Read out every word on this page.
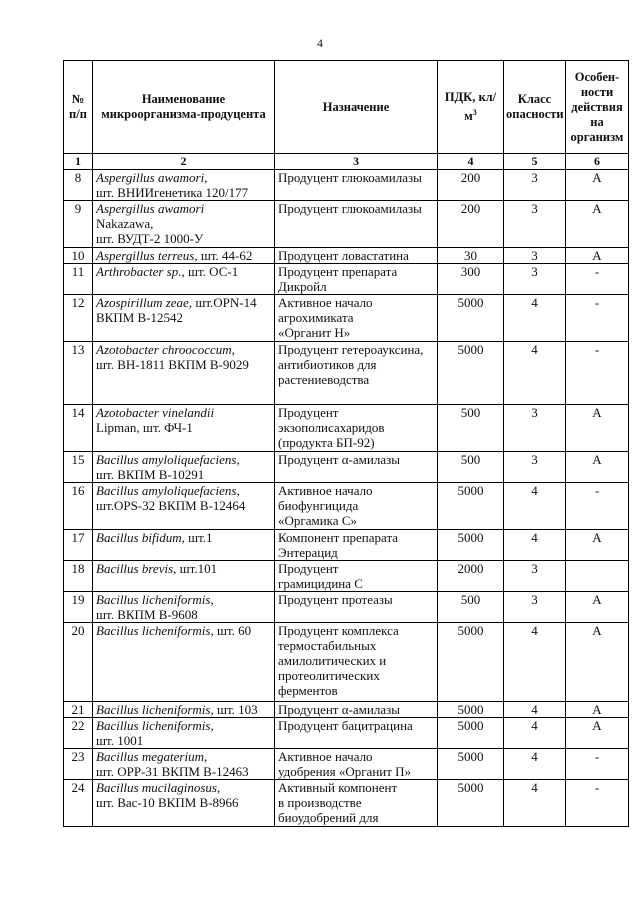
4
№ п/п	Наименование микроорганизма-продуцента	Назначение	ПДК, $кл/м^3$	Класс опасности	Особен-ности действия на организм
1	2	3	4	5	6
8	Aspergillus awamori,
шт. ВНИИгенетика 120/177	Продуцент глюкоамилазы	200	3	А
9	Aspergillus awamori
Nakazawa,
шт. ВУДТ-2 1000-У	Продуцент глюкоамилазы	200	3	А
10	Aspergillus terreus, шт. 44-62	Продуцент ловастатина	30	3	А
11	Arthrobacter sp., шт. ОС-1	Продуцент препарата
Дикройл	300	3	-
12	Azospirillum zeae, шт.OPN-14
ВКПМ B-12542	Активное начало
агрохимиката
«Органит Н»	5000	4	-
13	Azotobacter chroococcum,
шт. ВН-1811 ВКПМ В-9029	Продуцент гетероауксина,
антибиотиков для
растениеводства	5000	4	-
14	Azotobacter vinelandii
Lipman, шт. ФЧ-1	Продуцент
экзополисахаридов
(продукта БП-92)	500	3	А
15	Bacillus amyloliquefaciens,
шт. ВКПМ В-10291	Продуцент α-амилазы	500	3	А
16	Bacillus amyloliquefaciens,
шт.OPS-32 ВКПМ В-12464	Активное начало
биофунгицида
«Оргамика С»	5000	4	-
17	Bacillus bifidum, шт.1	Компонент препарата
Энтерацид	5000	4	А
18	Bacillus brevis, шт.101	Продуцент
грамицидина С	2000	3	
19	Bacillus licheniformis,
шт. ВКПМ В-9608	Продуцент протеазы	500	3	А
20	Bacillus licheniformis, шт. 60	Продуцент комплекса
термостабильных
амилолитических и
протеолитических
ферментов	5000	4	А
21	Bacillus licheniformis, шт. 103	Продуцент α-амилазы	5000	4	А
22	Bacillus licheniformis,
шт. 1001	Продуцент бацитрацина	5000	4	А
23	Bacillus megaterium,
шт. ОРР-31 ВКПМ В-12463	Активное начало
удобрения «Органит П»	5000	4	-
24	Bacillus mucilaginosus,
шт. Вас-10 ВКПМ В-8966	Активный компонент
в производстве
биоудобрений для	5000	4	-
